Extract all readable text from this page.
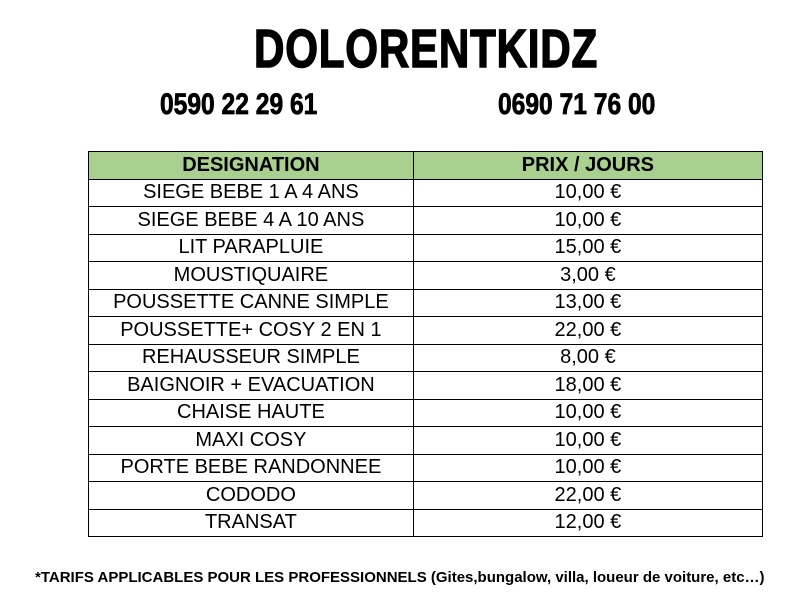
DOLORENTKIDZ
0590 22 29 61	0690 71 76 00
DESIGNATION	PRIX / JOURS
SIEGE BEBE 1 A 4 ANS	10,00 €
SIEGE BEBE 4 A 10 ANS	10,00 €
LIT PARAPLUIE	15,00 €
MOUSTIQUAIRE	3,00 €
POUSSETTE CANNE SIMPLE	13,00 €
POUSSETTE+ COSY 2 EN 1	22,00 €
REHAUSSEUR SIMPLE	8,00 €
BAIGNOIR + EVACUATION	18,00 €
CHAISE HAUTE	10,00 €
MAXI COSY	10,00 €
PORTE BEBE RANDONNEE	10,00 €
CODODO	22,00 €
TRANSAT	12,00 €
*TARIFS APPLICABLES POUR LES PROFESSIONNELS (Gites,bungalow, villa, loueur de voiture, etc…)
